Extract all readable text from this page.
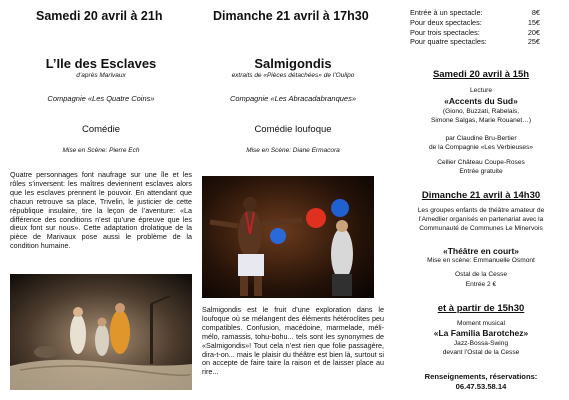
Samedi 20 avril à 21h
L’Ile des Esclaves
d’après Marivaux
Compagnie «Les Quatre Coins»
Comédie
Mise en Scène: Pierre Ech
Quatre personnages font naufrage sur une île et les rôles s’inversent: les maîtres deviennent esclaves alors que les esclaves prennent le pouvoir. En attendant que chacun retrouve sa place, Trivelin, le justicier de cette république insulaire, tire la leçon de l’aventure: «La différence des conditions n’est qu’une épreuve que les dieux font sur nous». Cette adaptation drolatique de la pièce de Marivaux pose aussi le problème de la condition humaine.
Dimanche 21 avril à 17h30
Salmigondis
extraits de «Pièces détachées» de l’Oulipo
Compagnie «Les Abracadabranques»
Comédie loufoque
Mise en Scène: Diane Ermacora
Salmigondis est le fruit d’une exploration dans le loufoque où se mélangent des éléments hétéroclites peu compatibles. Confusion, macédoine, marmelade, méli-mélo, ramassis, tohu-bohu... tels sont les synonymes de «Salmigondis»! Tout cela n’est rien que folie passagère, dira-t-on... mais le plaisir du théâtre est bien là, surtout si on accepte de faire taire la raison et de laisser place au rire...
Entrée à un spectacle:	8€
Pour deux spectacles:	15€
Pour trois spectacles:	20€
Pour quatre spectacles:	25€
Samedi 20 avril à 15h
Lecture
«Accents du Sud»
(Giono, Buzzati, Rabelais,
Simone Salgas, Marie Rouanet…)
par Claudine Bru-Bertier
de la Compagnie «Les Verbieuses»
Cellier Château Coupe-Roses
Entrée gratuite
Dimanche 21 avril à 14h30
Les groupes enfants de théâtre amateur de
l’Amedlier organisés en partenariat avec la
Communauté de Communes Le Minervois
«Théâtre en court»
Mise en scène: Emmanuelle Osmont
Ostal de la Cesse
Entrée 2 €
et à partir de 15h30
Moment musical
«La Familia Barotchez»
Jazz-Bossa-Swing
devant l’Ostal de la Cesse
Renseignements, réservations:
06.47.53.58.14
